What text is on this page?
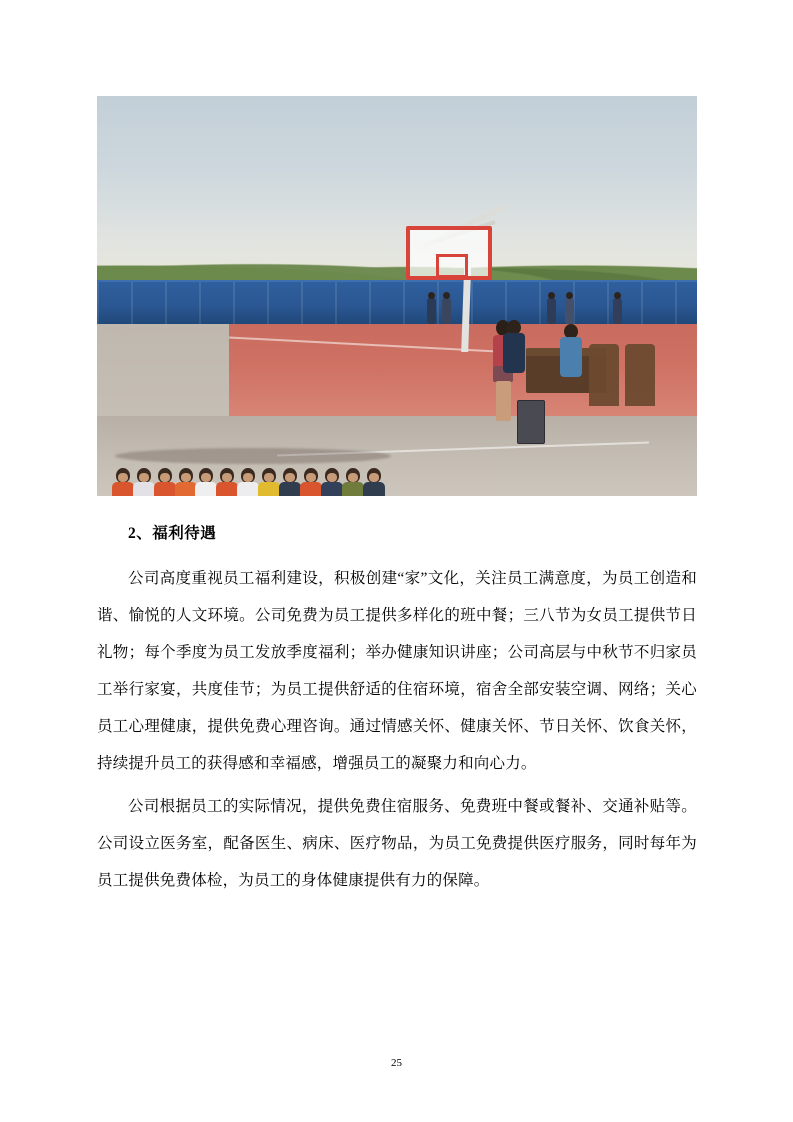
2、福利待遇

公司高度重视员工福利建设，积极创建“家”文化，关注员工满意度，为员工创造和谐、愉悦的人文环境。公司免费为员工提供多样化的班中餐；三八节为女员工提供节日礼物；每个季度为员工发放季度福利；举办健康知识讲座；公司高层与中秋节不归家员工举行家宴，共度佳节；为员工提供舒适的住宿环境，宿舍全部安装空调、网络；关心员工心理健康，提供免费心理咨询。通过情感关怀、健康关怀、节日关怀、饮食关怀，持续提升员工的获得感和幸福感，增强员工的凝聚力和向心力。

公司根据员工的实际情况，提供免费住宿服务、免费班中餐或餐补、交通补贴等。公司设立医务室，配备医生、病床、医疗物品，为员工免费提供医疗服务，同时每年为员工提供免费体检，为员工的身体健康提供有力的保障。

25
